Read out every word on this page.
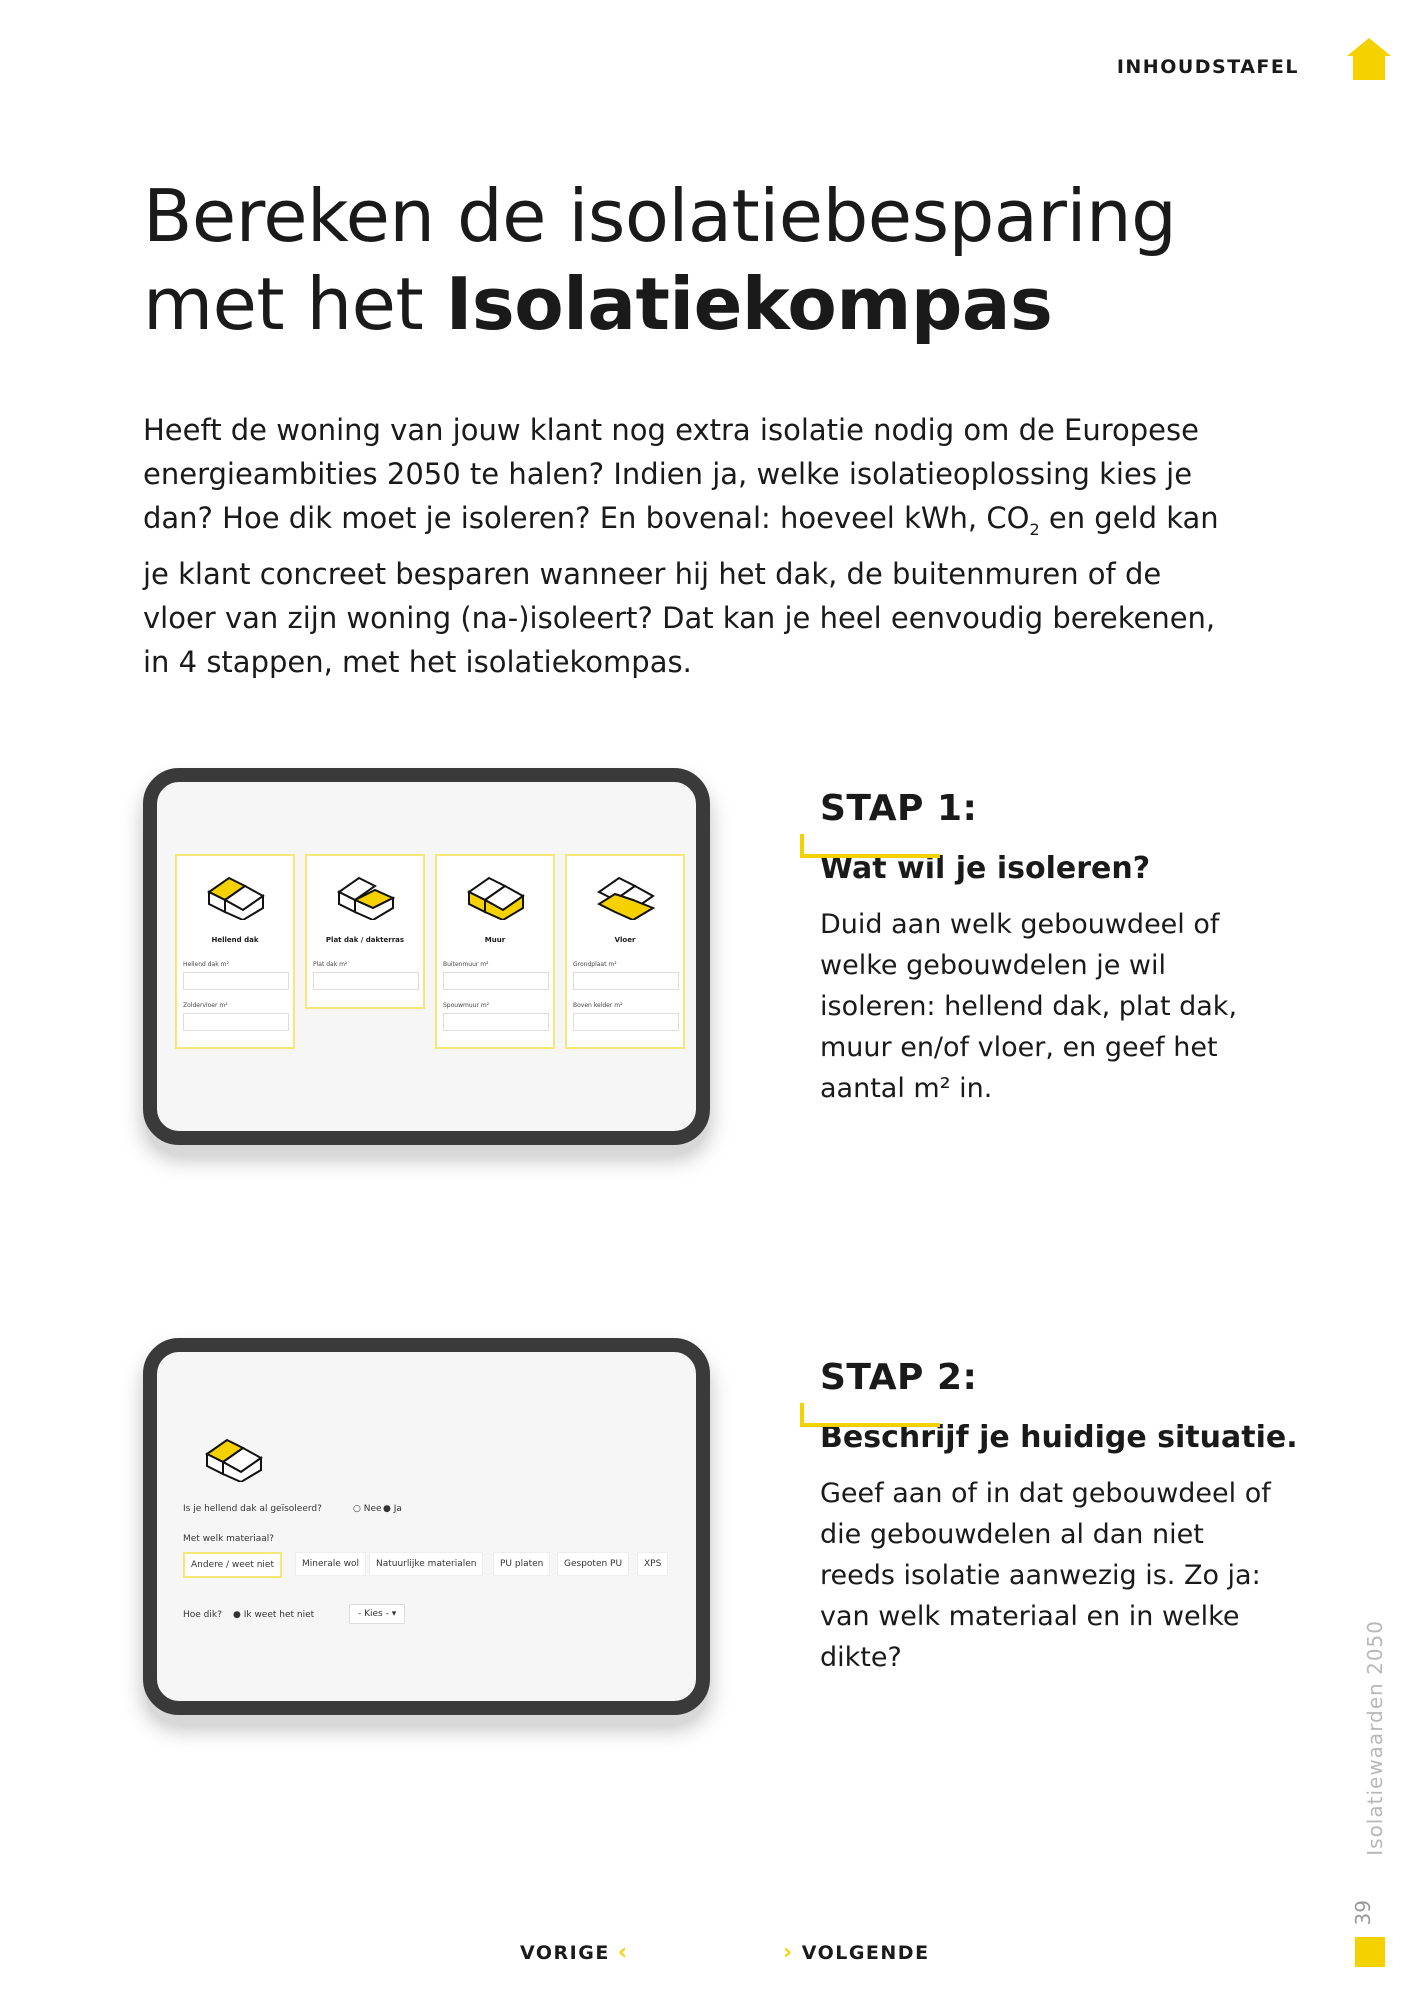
INHOUDSTAFEL
Bereken de isolatiebesparing
met het Isolatiekompas

Heeft de woning van jouw klant nog extra isolatie nodig om de Europese energieambities 2050 te halen? Indien ja, welke isolatieoplossing kies je dan? Hoe dik moet je isoleren? En bovenal: hoeveel kWh, $CO_2$ en geld kan je klant concreet besparen wanneer hij het dak, de buitenmuren of de vloer van zijn woning (na-)isoleert? Dat kan je heel eenvoudig berekenen, in 4 stappen, met het isolatiekompas.

Hellend dak
Hellend dak m²
Zoldervloer m²
Plat dak / dakterras
Plat dak m²
Muur
Buitenmuur m²
Spouwmuur m²
Vloer
Grondplaat m²
Boven kelder m²
STAP 1:
Wat wil je isoleren?
Duid aan welk gebouwdeel of welke gebouwdelen je wil isoleren: hellend dak, plat dak, muur en/of vloer, en geef het aantal m² in.
Is je hellend dak al geïsoleerd?	○ Nee ● Ja
Met welk materiaal?
Andere / weet niet	Minerale wol	Natuurlijke materialen	PU platen	Gespoten PU	XPS
Hoe dik? ● Ik weet het niet	- Kies - ▾
STAP 2:
Beschrijf je huidige situatie.
Geef aan of in dat gebouwdeel of die gebouwdelen al dan niet reeds isolatie aanwezig is. Zo ja: van welk materiaal en in welke dikte?	Isolatiewaarden 2050
39
VORIGE ‹	› VOLGENDE
